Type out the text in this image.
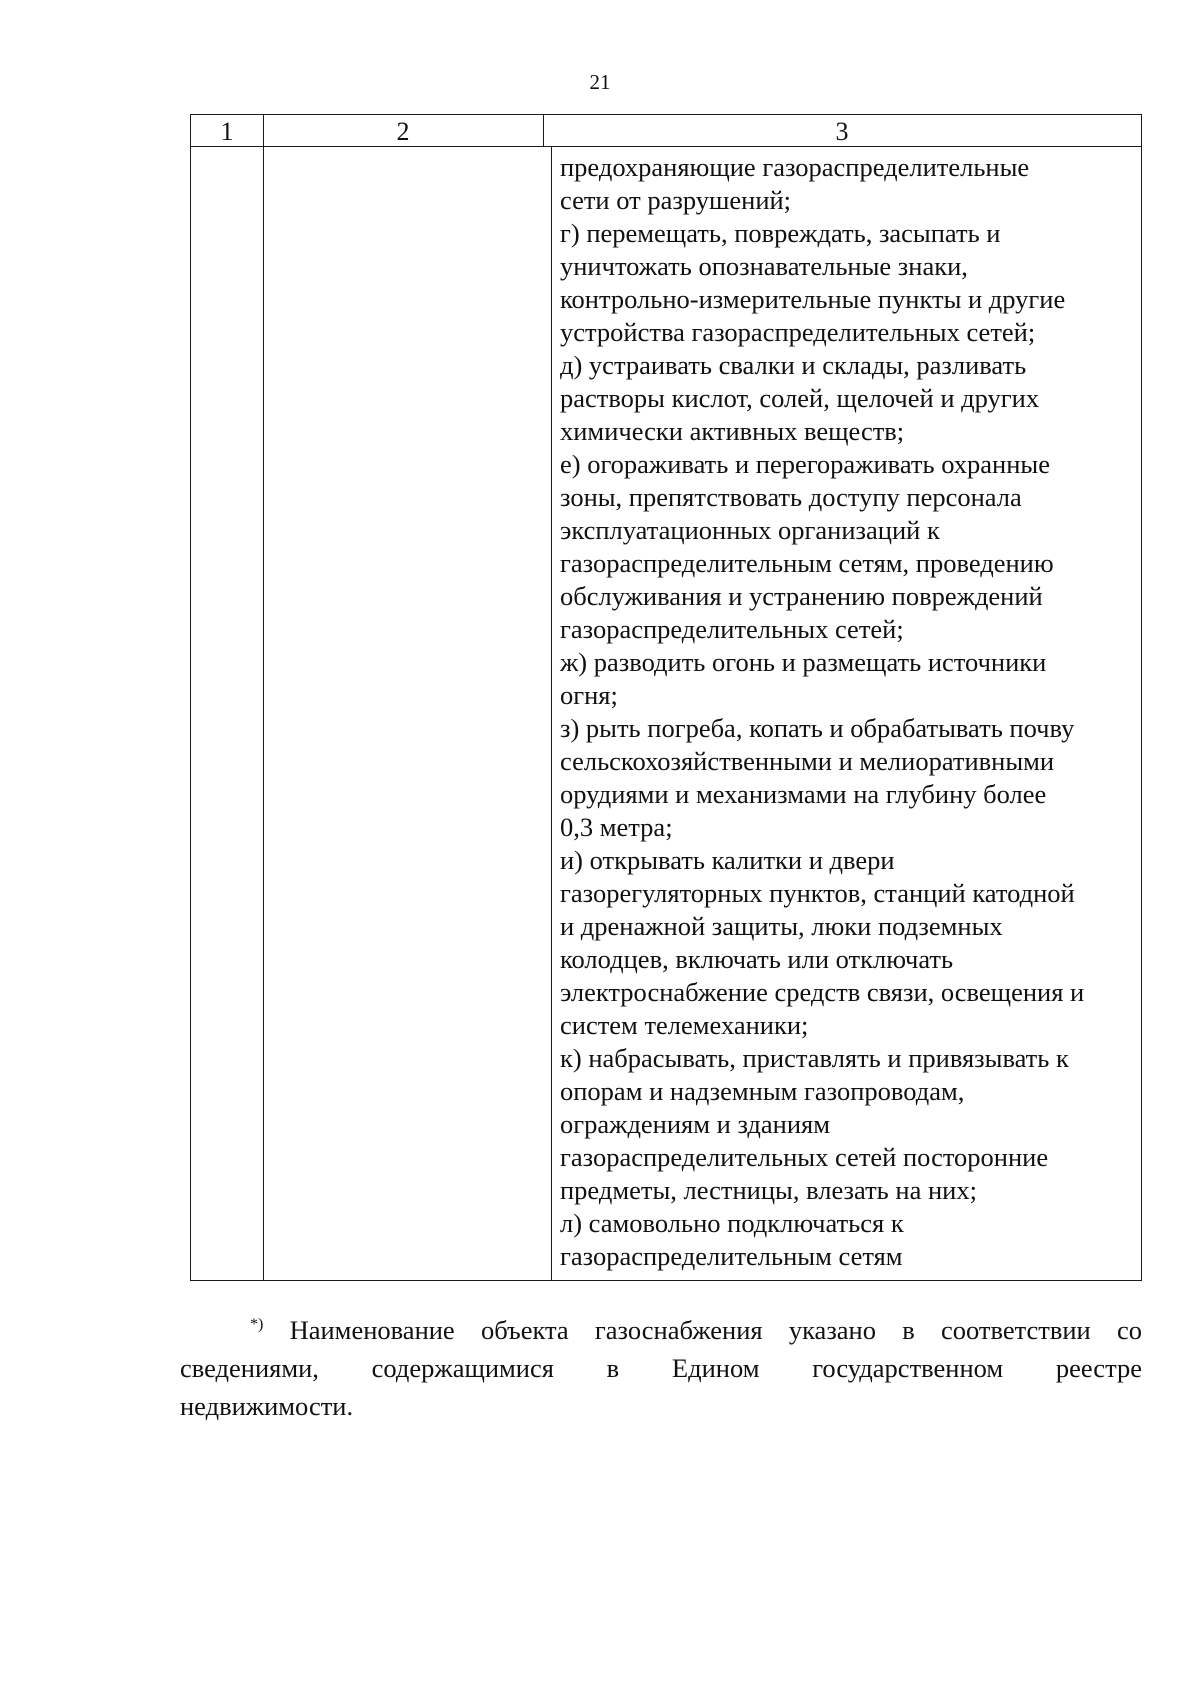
21
1	2	3
предохраняющие газораспределительные
сети от разрушений;
г) перемещать, повреждать, засыпать и
уничтожать опознавательные знаки,
контрольно-измерительные пункты и другие
устройства газораспределительных сетей;
д) устраивать свалки и склады, разливать
растворы кислот, солей, щелочей и других
химически активных веществ;
е) огораживать и перегораживать охранные
зоны, препятствовать доступу персонала
эксплуатационных организаций к
газораспределительным сетям, проведению
обслуживания и устранению повреждений
газораспределительных сетей;
ж) разводить огонь и размещать источники
огня;
з) рыть погреба, копать и обрабатывать почву
сельскохозяйственными и мелиоративными
орудиями и механизмами на глубину более
0,3 метра;
и) открывать калитки и двери
газорегуляторных пунктов, станций катодной
и дренажной защиты, люки подземных
колодцев, включать или отключать
электроснабжение средств связи, освещения и
систем телемеханики;
к) набрасывать, приставлять и привязывать к
опорам и надземным газопроводам,
ограждениям и зданиям
газораспределительных сетей посторонние
предметы, лестницы, влезать на них;
л) самовольно подключаться к
газораспределительным сетям
*) Наименование объекта газоснабжения указано в соответствии со
сведениями, содержащимися в Едином государственном реестре
недвижимости.
